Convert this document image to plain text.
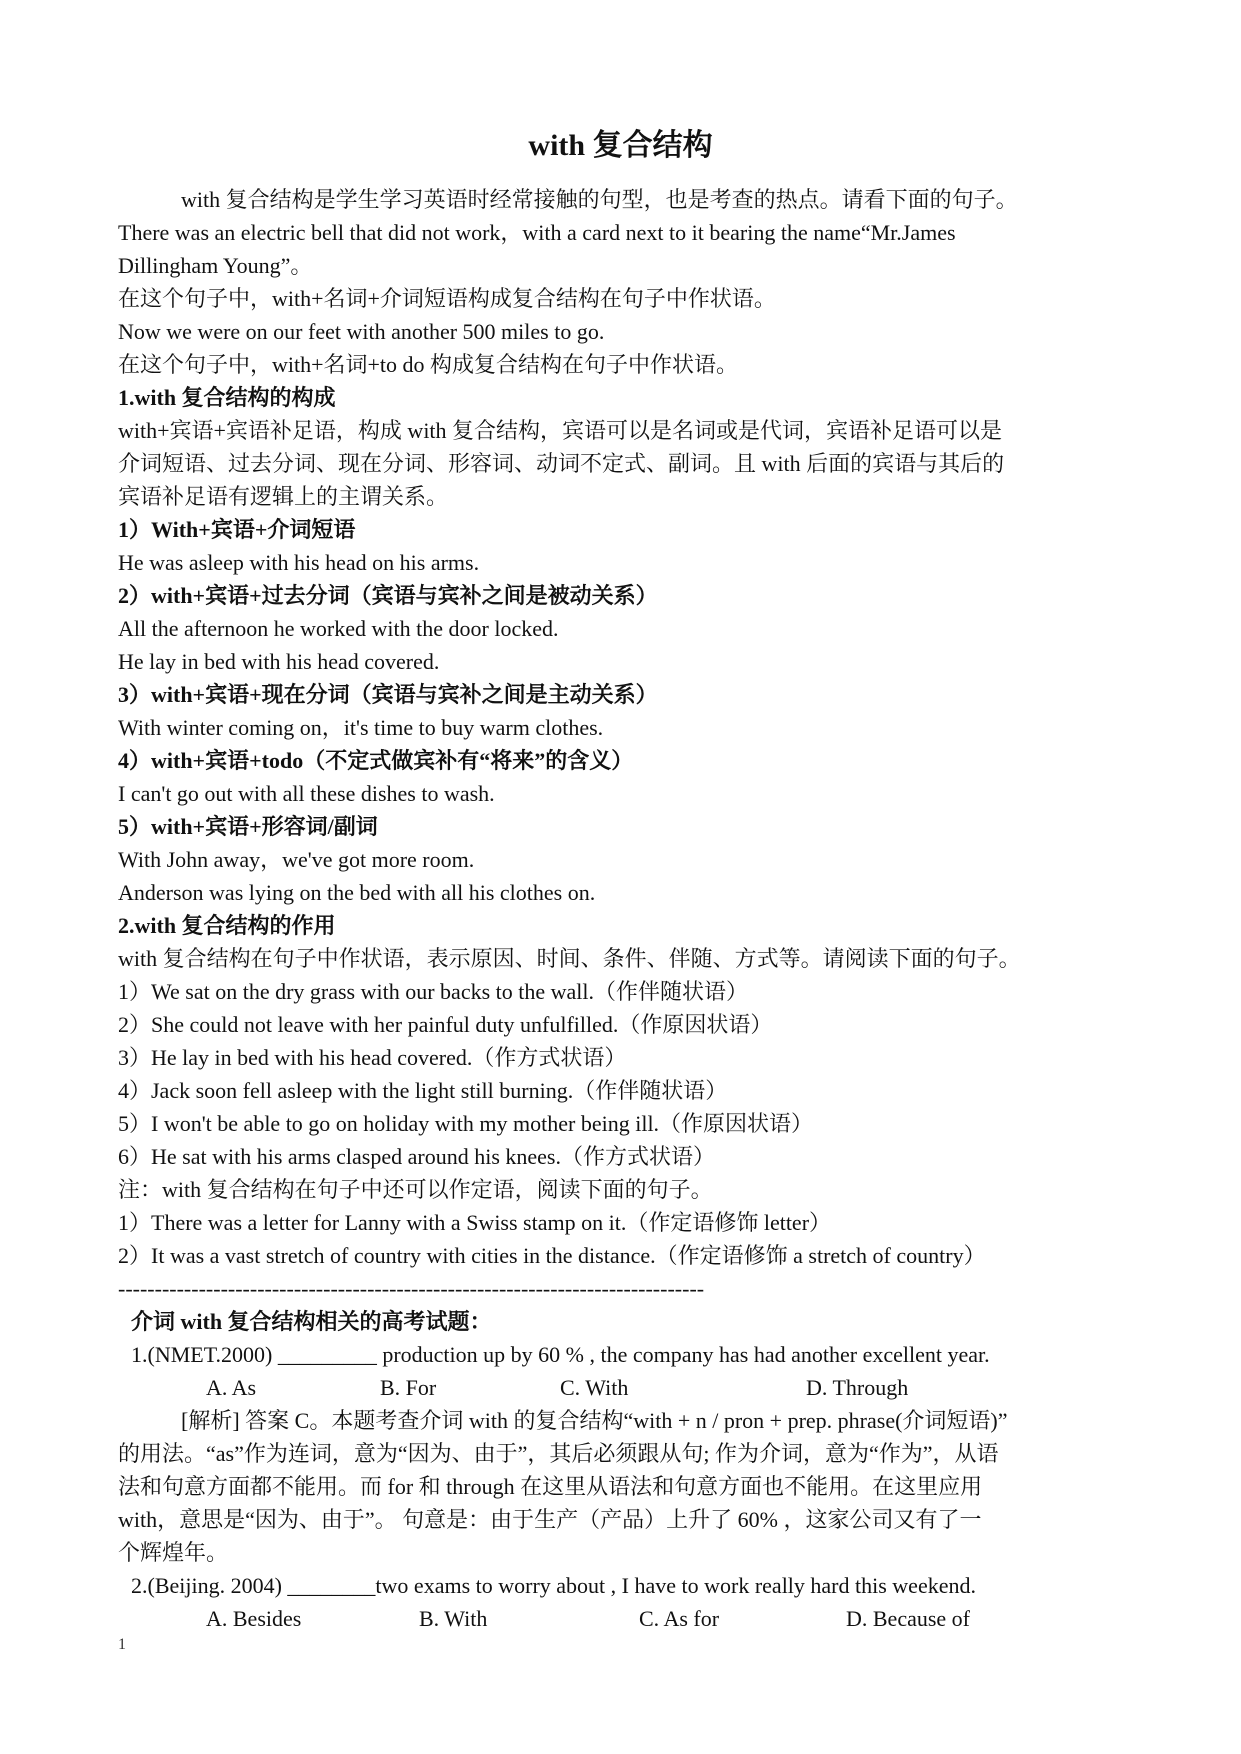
with 复合结构

with 复合结构是学生学习英语时经常接触的句型，也是考查的热点。请看下面的句子。

There was an electric bell that did not work，with a card next to it bearing the name“Mr.James

Dillingham Young”。

在这个句子中，with+名词+介词短语构成复合结构在句子中作状语。

Now we were on our feet with another 500 miles to go.

在这个句子中，with+名词+to do 构成复合结构在句子中作状语。

1.with 复合结构的构成

with+宾语+宾语补足语，构成 with 复合结构，宾语可以是名词或是代词，宾语补足语可以是

介词短语、过去分词、现在分词、形容词、动词不定式、副词。且 with 后面的宾语与其后的

宾语补足语有逻辑上的主谓关系。

1）With+宾语+介词短语

He was asleep with his head on his arms.

2）with+宾语+过去分词（宾语与宾补之间是被动关系）

All the afternoon he worked with the door locked.

He lay in bed with his head covered.

3）with+宾语+现在分词（宾语与宾补之间是主动关系）

With winter coming on，it's time to buy warm clothes.

4）with+宾语+todo（不定式做宾补有“将来”的含义）

I can't go out with all these dishes to wash.

5）with+宾语+形容词/副词

With John away，we've got more room.

Anderson was lying on the bed with all his clothes on.

2.with 复合结构的作用

with 复合结构在句子中作状语，表示原因、时间、条件、伴随、方式等。请阅读下面的句子。

1）We sat on the dry grass with our backs to the wall.（作伴随状语）

2）She could not leave with her painful duty unfulfilled.（作原因状语）

3）He lay in bed with his head covered.（作方式状语）

4）Jack soon fell asleep with the light still burning.（作伴随状语）

5）I won't be able to go on holiday with my mother being ill.（作原因状语）

6）He sat with his arms clasped around his knees.（作方式状语）

注：with 复合结构在句子中还可以作定语，阅读下面的句子。

1）There was a letter for Lanny with a Swiss stamp on it.（作定语修饰 letter）

2）It was a vast stretch of country with cities in the distance.（作定语修饰 a stretch of country）

--------------------------------------------------------------------------------

介词 with 复合结构相关的高考试题：

1.(NMET.2000) _________ production up by 60 % , the company has had another excellent year.

A. As	B. For	C. With	D. Through

[解析] 答案 C。本题考查介词 with 的复合结构“with + n / pron + prep. phrase(介词短语)”

的用法。“as”作为连词，意为“因为、由于”，其后必须跟从句; 作为介词，意为“作为”，从语

法和句意方面都不能用。而 for 和 through 在这里从语法和句意方面也不能用。在这里应用

with，意思是“因为、由于”。 句意是：由于生产（产品）上升了 60% ，这家公司又有了一

个辉煌年。

2.(Beijing. 2004) ________two exams to worry about , I have to work really hard this weekend.

A. Besides	B. With	C. As for	D. Because of
1
